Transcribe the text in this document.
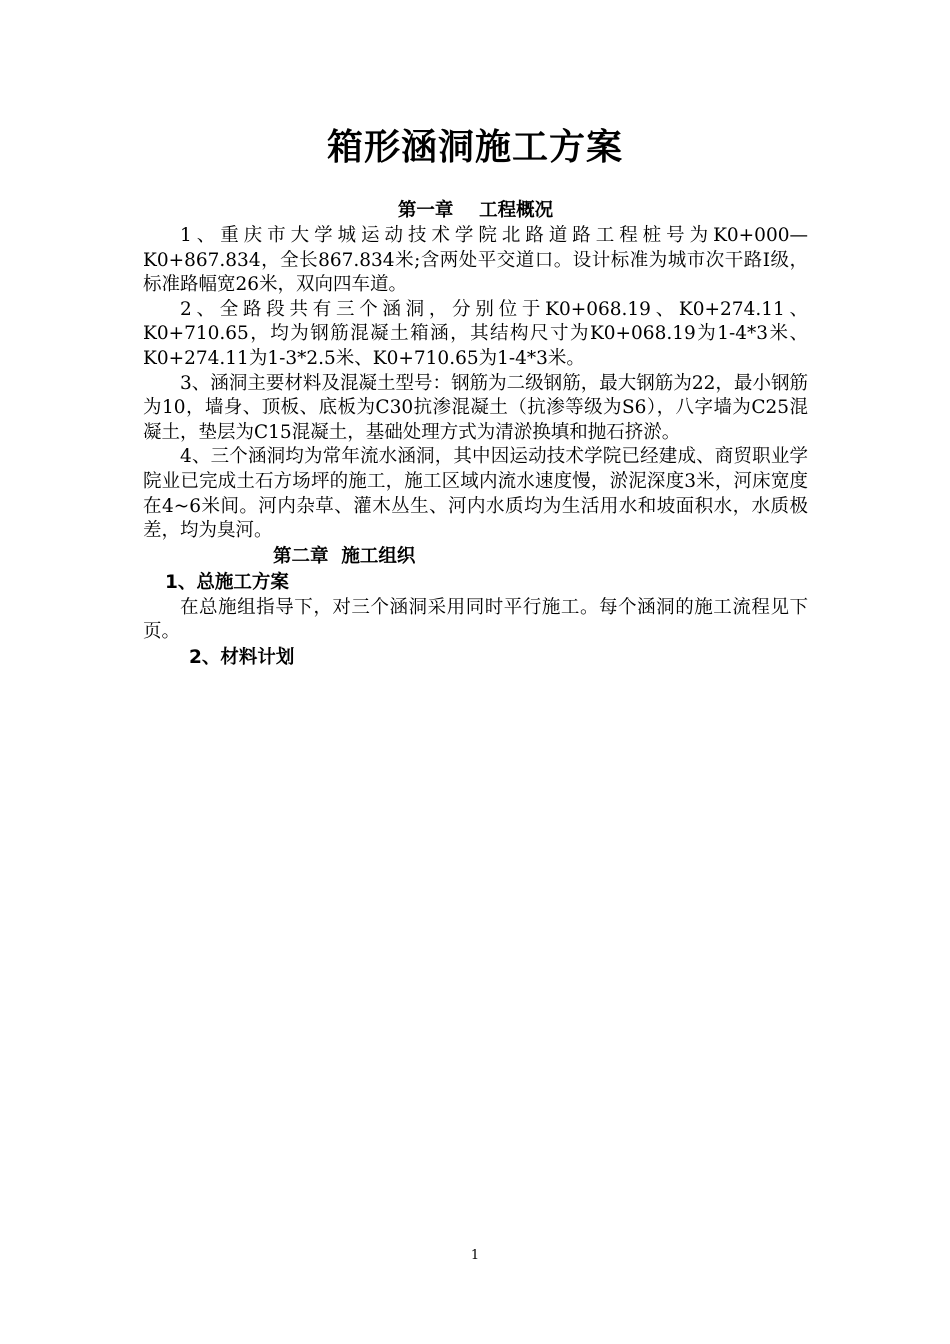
箱形涵洞施工方案
第一章    工程概况

1、重庆市大学城运动技术学院北路道路工程桩号为K0+000—K0+867.834，全长867.834米;含两处平交道口。设计标准为城市次干路Ⅰ级，标准路幅宽26米，双向四车道。

2、全路段共有三个涵洞，分别位于K0+068.19、K0+274.11、K0+710.65，均为钢筋混凝土箱涵，其结构尺寸为K0+068.19为1-4*3米、K0+274.11为1-3*2.5米、K0+710.65为1-4*3米。

3、涵洞主要材料及混凝土型号：钢筋为二级钢筋，最大钢筋为22，最小钢筋为10，墙身、顶板、底板为C30抗渗混凝土（抗渗等级为S6），八字墙为C25混凝土，垫层为C15混凝土，基础处理方式为清淤换填和抛石挤淤。

4、三个涵洞均为常年流水涵洞，其中因运动技术学院已经建成、商贸职业学院业已完成土石方场坪的施工，施工区域内流水速度慢，淤泥深度3米，河床宽度在4~6米间。河内杂草、灌木丛生、河内水质均为生活用水和坡面积水，水质极差，均为臭河。

第二章  施工组织
1、总施工方案

在总施组指导下，对三个涵洞采用同时平行施工。每个涵洞的施工流程见下页。

2、材料计划
1
